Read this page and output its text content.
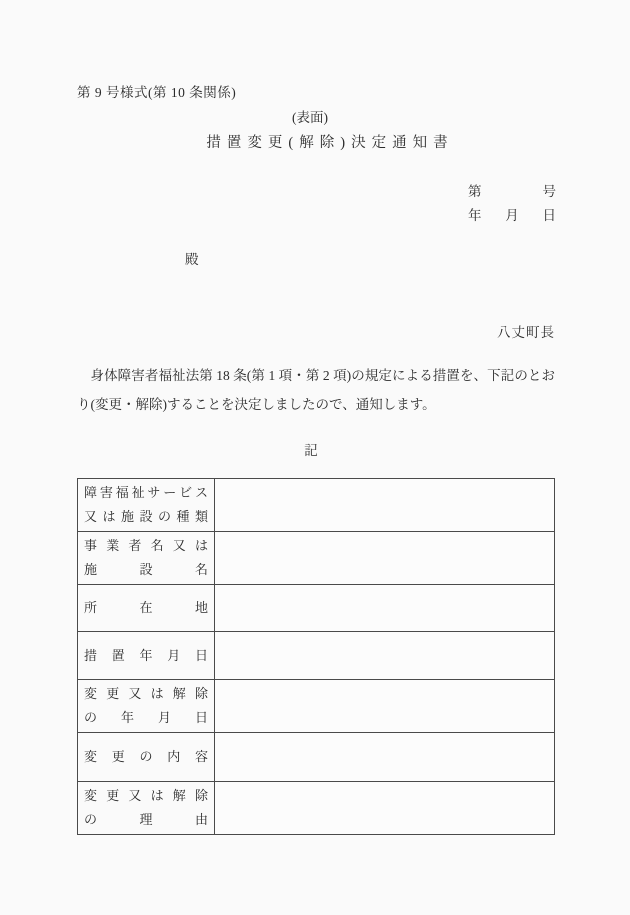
第 9 号様式(第 10 条関係)
(表面)
措置変更(解除)決定通知書
第	号
年 月 日
殿
八丈町長
身体障害者福祉法第 18 条(第 1 項・第 2 項)の規定による措置を、下記のとおり(変更・解除)することを決定しましたので、通知します。
記
障害福祉サービス
又は施設の種類	

事業者名又は
施設名	

所在地	

措置年月日	

変更又は解除
の年月日	

変更の内容	

変更又は解除
の理由	
